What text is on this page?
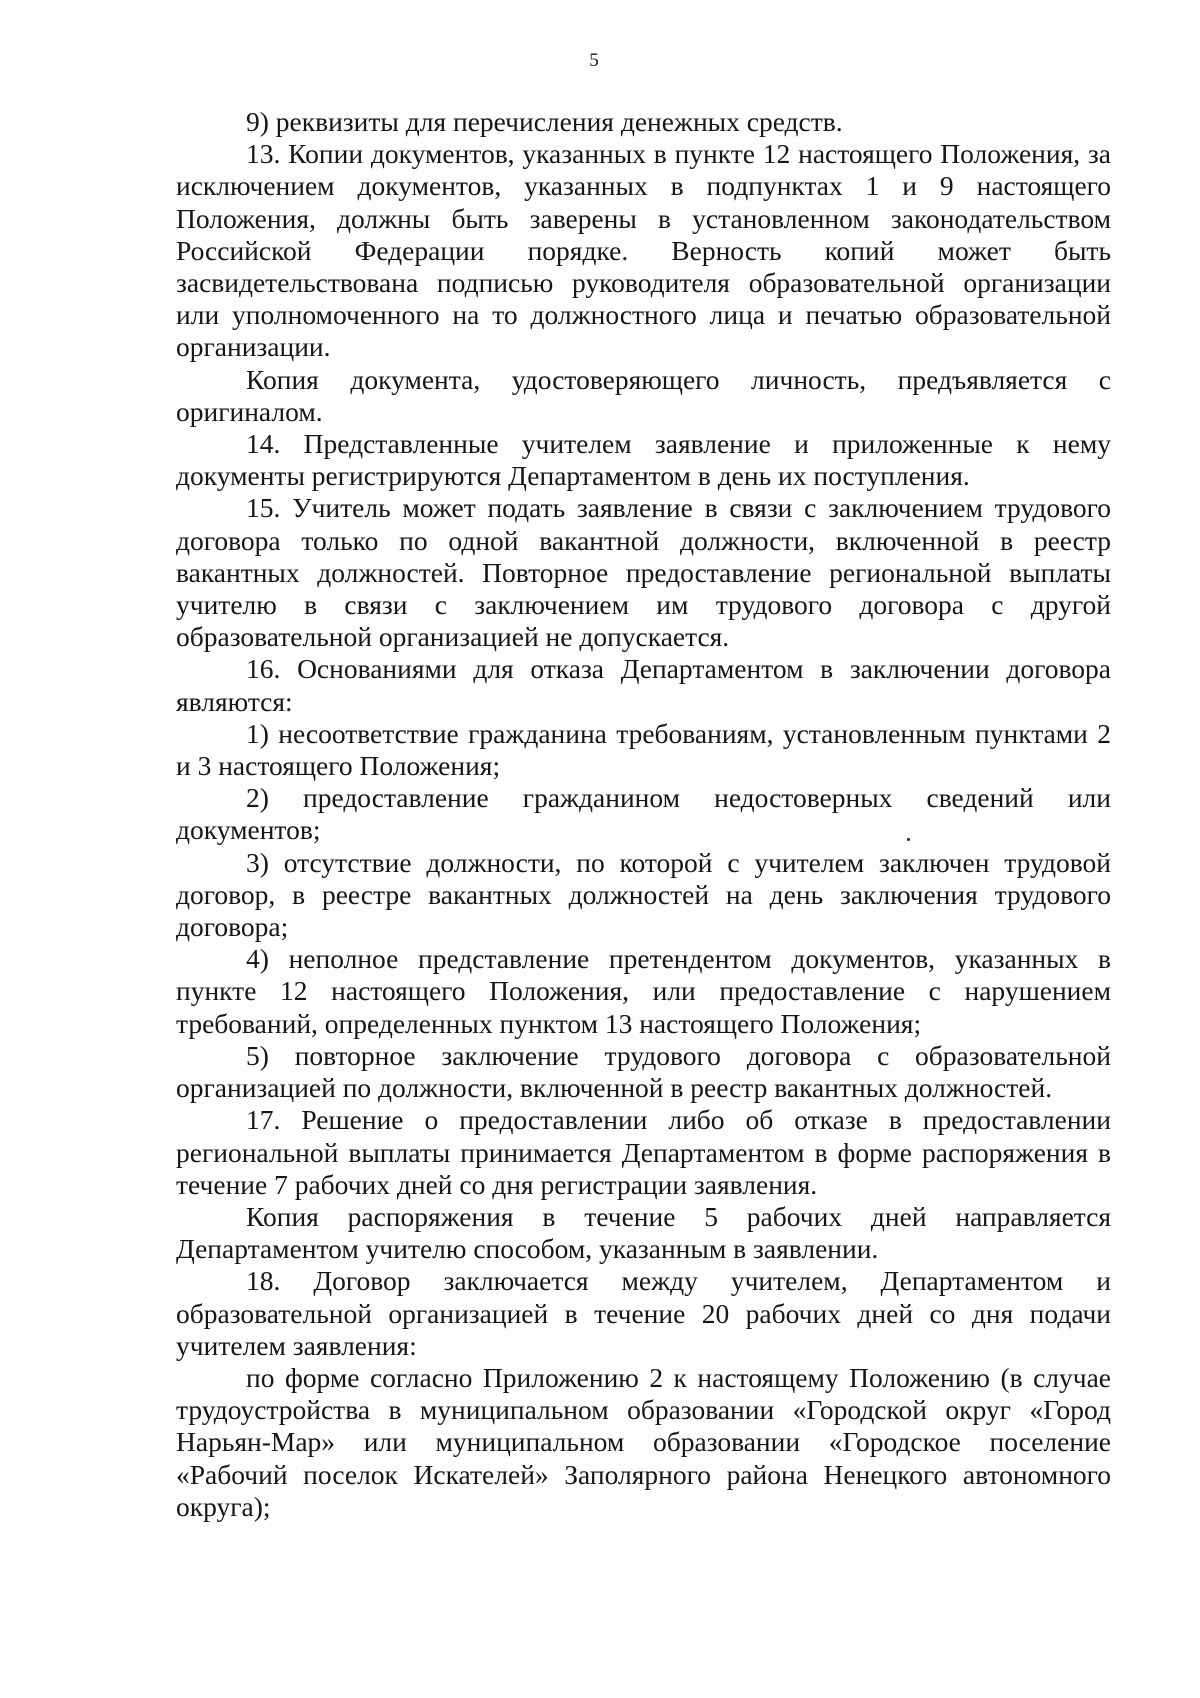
5

9) реквизиты для перечисления денежных средств.

13. Копии документов, указанных в пункте 12 настоящего Положения, за исключением документов, указанных в подпунктах 1 и 9 настоящего Положения, должны быть заверены в установленном законодательством Российской Федерации порядке. Верность копий может быть засвидетельствована подписью руководителя образовательной организации или уполномоченного на то должностного лица и печатью образовательной организации.

Копия документа, удостоверяющего личность, предъявляется с оригиналом.

14. Представленные учителем заявление и приложенные к нему документы регистрируются Департаментом в день их поступления.

15. Учитель может подать заявление в связи с заключением трудового договора только по одной вакантной должности, включенной в реестр вакантных должностей. Повторное предоставление региональной выплаты учителю в связи с заключением им трудового договора с другой образовательной организацией не допускается.

16. Основаниями для отказа Департаментом в заключении договора являются:

1) несоответствие гражданина требованиям, установленным пунктами 2 и 3 настоящего Положения;

2) предоставление гражданином недостоверных сведений или документов;

3) отсутствие должности, по которой с учителем заключен трудовой договор, в реестре вакантных должностей на день заключения трудового договора;

4) неполное представление претендентом документов, указанных в пункте 12 настоящего Положения, или предоставление с нарушением требований, определенных пунктом 13 настоящего Положения;

5) повторное заключение трудового договора с образовательной организацией по должности, включенной в реестр вакантных должностей.

17. Решение о предоставлении либо об отказе в предоставлении региональной выплаты принимается Департаментом в форме распоряжения в течение 7 рабочих дней со дня регистрации заявления.

Копия распоряжения в течение 5 рабочих дней направляется Департаментом учителю способом, указанным в заявлении.

18. Договор заключается между учителем, Департаментом и образовательной организацией в течение 20 рабочих дней со дня подачи учителем заявления:

по форме согласно Приложению 2 к настоящему Положению (в случае трудоустройства в муниципальном образовании «Городской округ «Город Нарьян-Мар» или муниципальном образовании «Городское поселение «Рабочий поселок Искателей» Заполярного района Ненецкого автономного округа);
